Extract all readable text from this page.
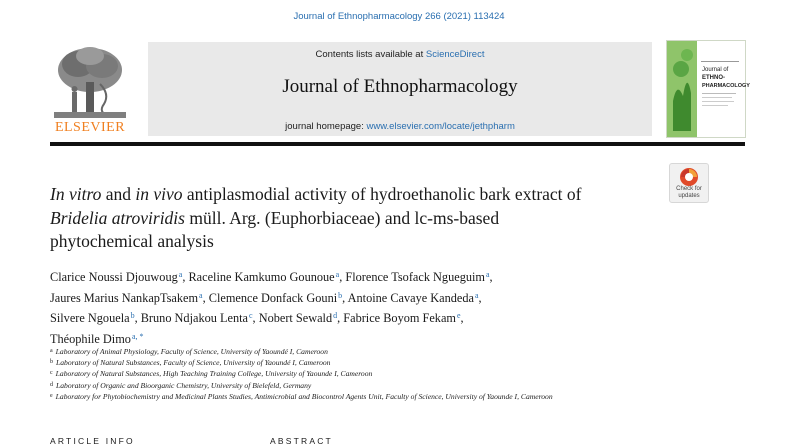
Journal of Ethnopharmacology 266 (2021) 113424
ELSEVIER
Contents lists available at ScienceDirect
Journal of Ethnopharmacology
journal homepage: www.elsevier.com/locate/jethpharm
Journal of
ETHNO-
PHARMACOLOGY
In vitro and in vivo antiplasmodial activity of hydroethanolic bark extract of
Bridelia atroviridis müll. Arg. (Euphorbiaceae) and lc-ms-based
phytochemical analysis
Check for
updates
Clarice Noussi Djouwoug$^a$, Raceline Kamkumo Gounoue$^a$, Florence Tsofack Ngueguim$^a$,
Jaures Marius NankapTsakem$^a$, Clemence Donfack Gouni$^b$, Antoine Cavaye Kandeda$^a$,
Silvere Ngouela$^b$, Bruno Ndjakou Lenta$^c$, Nobert Sewald$^d$, Fabrice Boyom Fekam$^e$,
Théophile Dimo$^{a, *}$
$^a$ Laboratory of Animal Physiology, Faculty of Science, University of Yaoundé I, Cameroon
$^b$ Laboratory of Natural Substances, Faculty of Science, University of Yaoundé I, Cameroon
$^c$ Laboratory of Natural Substances, High Teaching Training College, University of Yaounde I, Cameroon
$^d$ Laboratory of Organic and Bioorganic Chemistry, University of Bielefeld, Germany
$^e$ Laboratory for Phytobiochemistry and Medicinal Plants Studies, Antimicrobial and Biocontrol Agents Unit, Faculty of Science, University of Yaounde I, Cameroon
ARTICLE INFO	ABSTRACT
